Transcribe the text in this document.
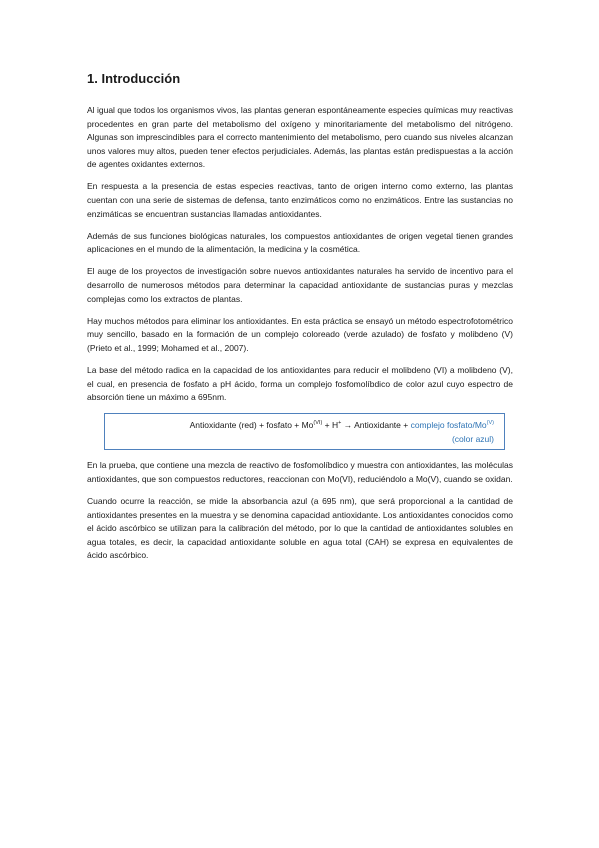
1. Introducción

Al igual que todos los organismos vivos, las plantas generan espontáneamente especies químicas muy reactivas procedentes en gran parte del metabolismo del oxígeno y minoritariamente del metabolismo del nitrógeno. Algunas son imprescindibles para el correcto mantenimiento del metabolismo, pero cuando sus niveles alcanzan unos valores muy altos, pueden tener efectos perjudiciales. Además, las plantas están predispuestas a la acción de agentes oxidantes externos.

En respuesta a la presencia de estas especies reactivas, tanto de origen interno como externo, las plantas cuentan con una serie de sistemas de defensa, tanto enzimáticos como no enzimáticos. Entre las sustancias no enzimáticas se encuentran sustancias llamadas antioxidantes.

Además de sus funciones biológicas naturales, los compuestos antioxidantes de origen vegetal tienen grandes aplicaciones en el mundo de la alimentación, la medicina y la cosmética.

El auge de los proyectos de investigación sobre nuevos antioxidantes naturales ha servido de incentivo para el desarrollo de numerosos métodos para determinar la capacidad antioxidante de sustancias puras y mezclas complejas como los extractos de plantas.

Hay muchos métodos para eliminar los antioxidantes. En esta práctica se ensayó un método espectrofotométrico muy sencillo, basado en la formación de un complejo coloreado (verde azulado) de fosfato y molibdeno (V) (Prieto et al., 1999; Mohamed et al., 2007).

La base del método radica en la capacidad de los antioxidantes para reducir el molibdeno (VI) a molibdeno (V), el cual, en presencia de fosfato a pH ácido, forma un complejo fosfomolíbdico de color azul cuyo espectro de absorción tiene un máximo a 695nm.

Antioxidante (red) + fosfato + $Mo^{(VI)} + H^+$ → Antioxidante + complejo fosfato/$Mo^{(V)}$
(color azul)

En la prueba, que contiene una mezcla de reactivo de fosfomolíbdico y muestra con antioxidantes, las moléculas antioxidantes, que son compuestos reductores, reaccionan con Mo(VI), reduciéndolo a Mo(V), cuando se oxidan.

Cuando ocurre la reacción, se mide la absorbancia azul (a 695 nm), que será proporcional a la cantidad de antioxidantes presentes en la muestra y se denomina capacidad antioxidante. Los antioxidantes conocidos como el ácido ascórbico se utilizan para la calibración del método, por lo que la cantidad de antioxidantes solubles en agua totales, es decir, la capacidad antioxidante soluble en agua total (CAH) se expresa en equivalentes de ácido ascórbico.
